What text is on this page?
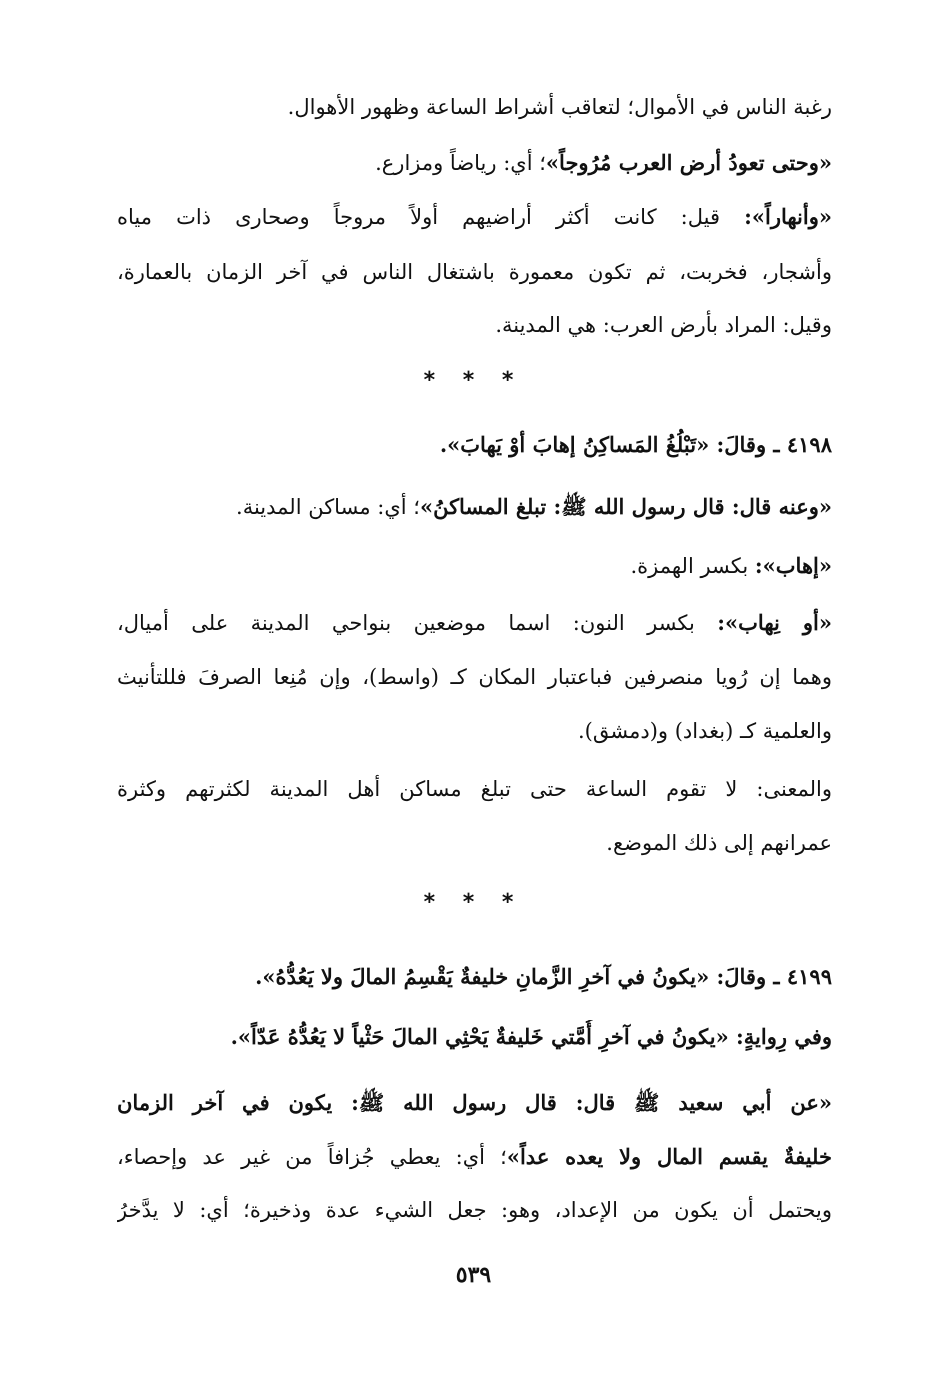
رغبة الناس في الأموال؛ لتعاقب أشراط الساعة وظهور الأهوال.
«وحتى تعودُ أرض العرب مُرُوجاً»؛ أي: رياضاً ومزارع.
«وأنهاراً»: قيل: كانت أكثر أراضيهم أولاً مروجاً وصحارى ذات مياه
وأشجار، فخربت، ثم تكون معمورة باشتغال الناس في آخر الزمان بالعمارة،
وقيل: المراد بأرض العرب: هي المدينة.
* * *
٤١٩٨ ـ وقالَ: «تَبْلُغُ المَساكِنُ إهابَ أوْ يَهابَ».
«وعنه قال: قال رسول الله ﷺ: تبلغ المساكنُ»؛ أي: مساكن المدينة.
«إهاب»: بكسر الهمزة.
«أو نِهاب»: بكسر النون: اسما موضعين بنواحي المدينة على أميال،
وهما إن رُويا منصرفين فباعتبار المكان كـ (واسط)، وإن مُنِعا الصرفَ فللتأنيث
والعلمية كـ (بغداد) و(دمشق).
والمعنى: لا تقوم الساعة حتى تبلغ مساكن أهل المدينة لكثرتهم وكثرة
عمرانهم إلى ذلك الموضع.
* * *
٤١٩٩ ـ وقالَ: «يكونُ في آخرِ الزَّمانِ خليفةٌ يَقْسِمُ المالَ ولا يَعُدُّهُ».
وفي رِوايةٍ: «يكونُ في آخرِ أُمَّتي خَليفةٌ يَحْثِي المالَ حَثْياً لا يَعُدُّهُ عَدّاً».
«عن أبي سعيد ﷺ قال: قال رسول الله ﷺ: يكون في آخر الزمان
خليفةٌ يقسم المال ولا يعده عداً»؛ أي: يعطي جُزافاً من غير عد وإحصاء،
ويحتمل أن يكون من الإعداد، وهو: جعل الشيء عدة وذخيرة؛ أي: لا يدَّخرُ
٥٣٩
